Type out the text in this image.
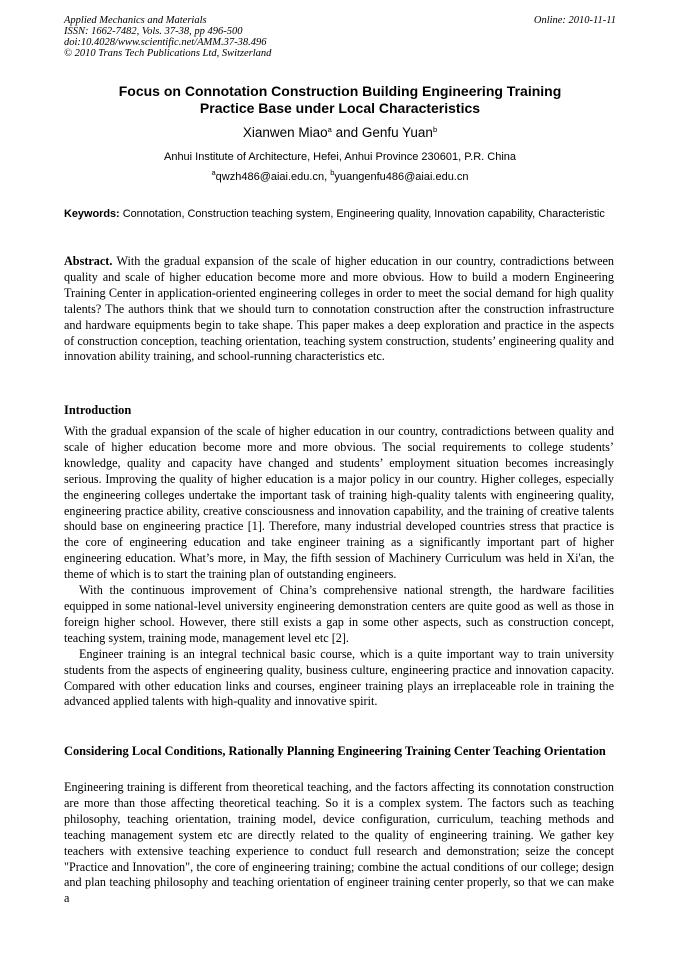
Applied Mechanics and Materials
ISSN: 1662-7482, Vols. 37-38, pp 496-500
doi:10.4028/www.scientific.net/AMM.37-38.496
© 2010 Trans Tech Publications Ltd, Switzerland
Online: 2010-11-11
Focus on Connotation Construction Building Engineering Training
Practice Base under Local Characteristics
Xianwen Miao$^a$ and Genfu Yuan$^b$
Anhui Institute of Architecture, Hefei, Anhui Province 230601, P.R. China
$^a$qwzh486@aiai.edu.cn, $^b$yuangenfu486@aiai.edu.cn
Keywords: Connotation, Construction teaching system, Engineering quality, Innovation capability, Characteristic
Abstract. With the gradual expansion of the scale of higher education in our country, contradictions between quality and scale of higher education become more and more obvious. How to build a modern Engineering Training Center in application-oriented engineering colleges in order to meet the social demand for high quality talents? The authors think that we should turn to connotation construction after the construction infrastructure and hardware equipments begin to take shape. This paper makes a deep exploration and practice in the aspects of construction conception, teaching orientation, teaching system construction, students’ engineering quality and innovation ability training, and school-running characteristics etc.
Introduction

With the gradual expansion of the scale of higher education in our country, contradictions between quality and scale of higher education become more and more obvious. The social requirements to college students’ knowledge, quality and capacity have changed and students’ employment situation becomes increasingly serious. Improving the quality of higher education is a major policy in our country. Higher colleges, especially the engineering colleges undertake the important task of training high-quality talents with engineering quality, engineering practice ability, creative consciousness and innovation capability, and the training of creative talents should base on engineering practice [1]. Therefore, many industrial developed countries stress that practice is the core of engineering education and take engineer training as a significantly important part of higher engineering education. What’s more, in May, the fifth session of Machinery Curriculum was held in Xi'an, the theme of which is to start the training plan of outstanding engineers.

With the continuous improvement of China’s comprehensive national strength, the hardware facilities equipped in some national-level university engineering demonstration centers are quite good as well as those in foreign higher school. However, there still exists a gap in some other aspects, such as construction concept, teaching system, training mode, management level etc [2].

Engineer training is an integral technical basic course, which is a quite important way to train university students from the aspects of engineering quality, business culture, engineering practice and innovation capacity. Compared with other education links and courses, engineer training plays an irreplaceable role in training the advanced applied talents with high-quality and innovative spirit.

Considering Local Conditions, Rationally Planning Engineering Training Center Teaching Orientation

Engineering training is different from theoretical teaching, and the factors affecting its connotation construction are more than those affecting theoretical teaching. So it is a complex system. The factors such as teaching philosophy, teaching orientation, training model, device configuration, curriculum, teaching methods and teaching management system etc are directly related to the quality of engineering training. We gather key teachers with extensive teaching experience to conduct full research and demonstration; seize the concept "Practice and Innovation", the core of engineering training; combine the actual conditions of our college; design and plan teaching philosophy and teaching orientation of engineer training center properly, so that we can make a
